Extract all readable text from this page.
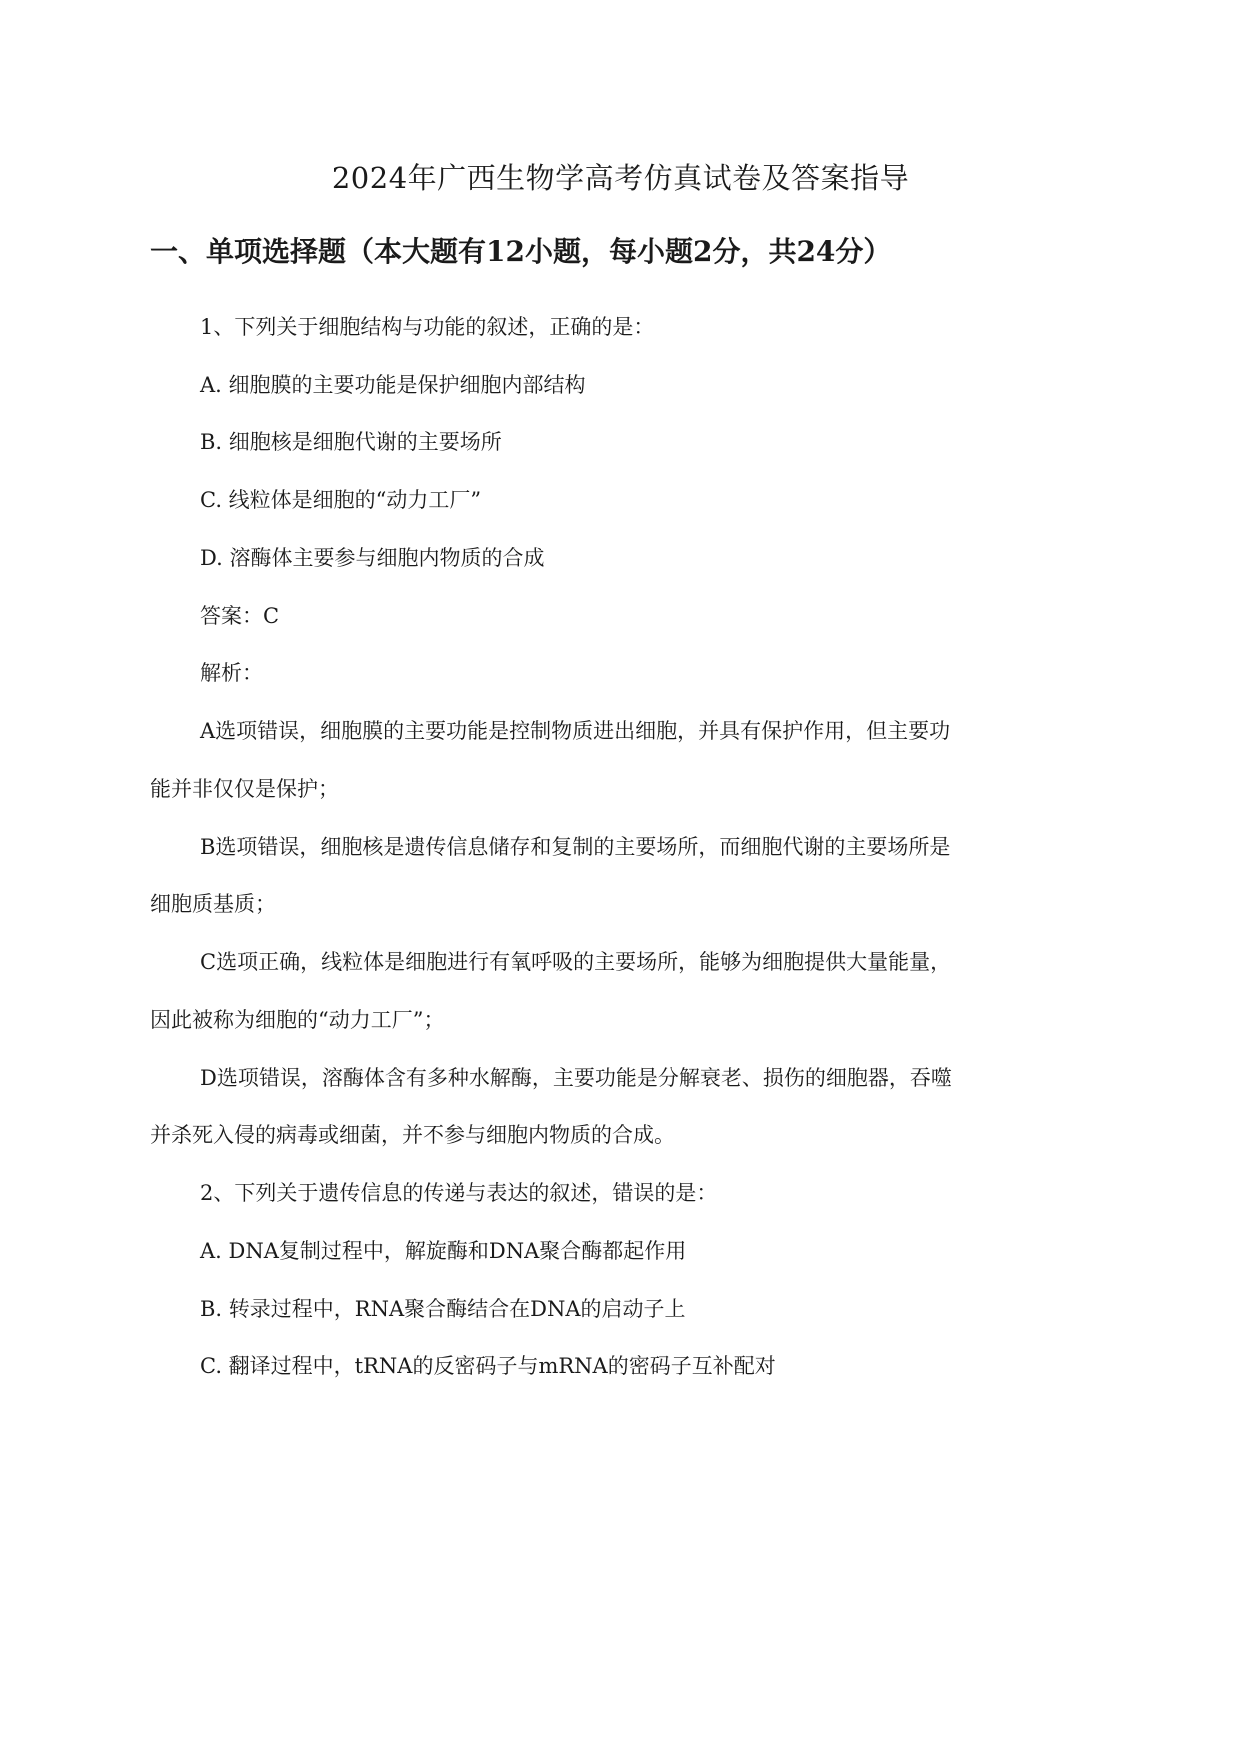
2024年广西生物学高考仿真试卷及答案指导
一、单项选择题（本大题有12小题，每小题2分，共24分）
1、下列关于细胞结构与功能的叙述，正确的是：
A. 细胞膜的主要功能是保护细胞内部结构
B. 细胞核是细胞代谢的主要场所
C. 线粒体是细胞的“动力工厂”
D. 溶酶体主要参与细胞内物质的合成
答案：C
解析：
A选项错误，细胞膜的主要功能是控制物质进出细胞，并具有保护作用，但主要功
能并非仅仅是保护；
B选项错误，细胞核是遗传信息储存和复制的主要场所，而细胞代谢的主要场所是
细胞质基质；
C选项正确，线粒体是细胞进行有氧呼吸的主要场所，能够为细胞提供大量能量，
因此被称为细胞的“动力工厂”；
D选项错误，溶酶体含有多种水解酶，主要功能是分解衰老、损伤的细胞器，吞噬
并杀死入侵的病毒或细菌，并不参与细胞内物质的合成。
2、下列关于遗传信息的传递与表达的叙述，错误的是：
A. DNA复制过程中，解旋酶和DNA聚合酶都起作用
B. 转录过程中，RNA聚合酶结合在DNA的启动子上
C. 翻译过程中，tRNA的反密码子与mRNA的密码子互补配对
